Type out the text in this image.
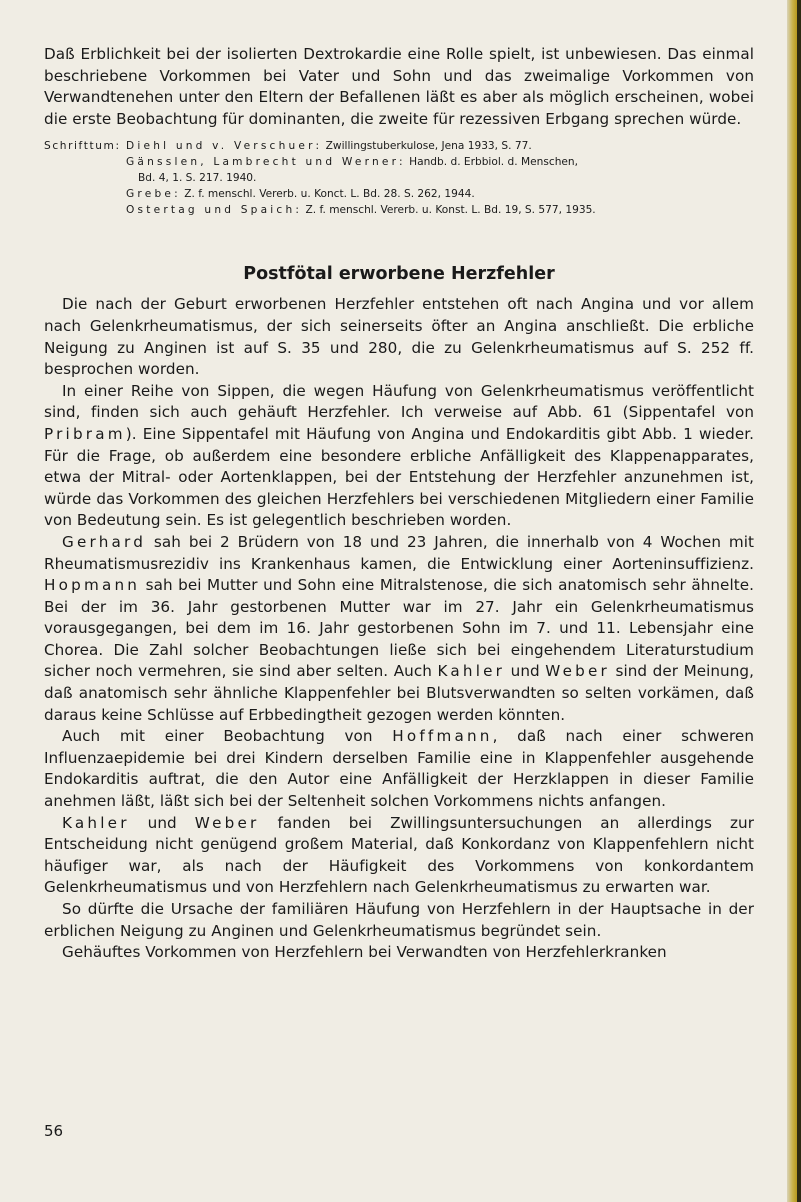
Daß Erblichkeit bei der isolierten Dextrokardie eine Rolle spielt, ist unbewiesen. Das einmal beschriebene Vorkommen bei Vater und Sohn und das zweimalige Vorkommen von Verwandtenehen unter den Eltern der Befallenen läßt es aber als möglich erscheinen, wobei die erste Beobachtung für dominanten, die zweite für rezessiven Erbgang sprechen würde.

Schrifttum: Diehl und v. Verschuer: Zwillingstuberkulose, Jena 1933, S. 77.
Gänsslen, Lambrecht und Werner: Handb. d. Erbbiol. d. Menschen,
Bd. 4, 1. S. 217. 1940.
Grebe: Z. f. menschl. Vererb. u. Konct. L. Bd. 28. S. 262, 1944.
Ostertag und Spaich: Z. f. menschl. Vererb. u. Konst. L. Bd. 19, S. 577, 1935.
Postfötal erworbene Herzfehler

Die nach der Geburt erworbenen Herzfehler entstehen oft nach Angina und vor allem nach Gelenkrheumatismus, der sich seinerseits öfter an Angina anschließt. Die erbliche Neigung zu Anginen ist auf S. 35 und 280, die zu Gelenkrheumatismus auf S. 252 ff. besprochen worden.

In einer Reihe von Sippen, die wegen Häufung von Gelenkrheumatismus veröffentlicht sind, finden sich auch gehäuft Herzfehler. Ich verweise auf Abb. 61 (Sippentafel von Pribram). Eine Sippentafel mit Häufung von Angina und Endokarditis gibt Abb. 1 wieder. Für die Frage, ob außerdem eine besondere erbliche Anfälligkeit des Klappenapparates, etwa der Mitral- oder Aortenklappen, bei der Entstehung der Herzfehler anzunehmen ist, würde das Vorkommen des gleichen Herzfehlers bei verschiedenen Mitgliedern einer Familie von Bedeutung sein. Es ist gelegentlich beschrieben worden.

Gerhard sah bei 2 Brüdern von 18 und 23 Jahren, die innerhalb von 4 Wochen mit Rheumatismusrezidiv ins Krankenhaus kamen, die Entwicklung einer Aorteninsuffizienz. Hopmann sah bei Mutter und Sohn eine Mitralstenose, die sich anatomisch sehr ähnelte. Bei der im 36. Jahr gestorbenen Mutter war im 27. Jahr ein Gelenkrheumatismus vorausgegangen, bei dem im 16. Jahr gestorbenen Sohn im 7. und 11. Lebensjahr eine Chorea. Die Zahl solcher Beobachtungen ließe sich bei eingehendem Literaturstudium sicher noch vermehren, sie sind aber selten. Auch Kahler und Weber sind der Meinung, daß anatomisch sehr ähnliche Klappenfehler bei Blutsverwandten so selten vorkämen, daß daraus keine Schlüsse auf Erbbedingtheit gezogen werden könnten.

Auch mit einer Beobachtung von Hoffmann, daß nach einer schweren Influenzaepidemie bei drei Kindern derselben Familie eine in Klappenfehler ausgehende Endokarditis auftrat, die den Autor eine Anfälligkeit der Herzklappen in dieser Familie anehmen läßt, läßt sich bei der Seltenheit solchen Vorkommens nichts anfangen.

Kahler und Weber fanden bei Zwillingsuntersuchungen an allerdings zur Entscheidung nicht genügend großem Material, daß Konkordanz von Klappenfehlern nicht häufiger war, als nach der Häufigkeit des Vorkommens von konkordantem Gelenkrheumatismus und von Herzfehlern nach Gelenkrheumatismus zu erwarten war.

So dürfte die Ursache der familiären Häufung von Herzfehlern in der Hauptsache in der erblichen Neigung zu Anginen und Gelenkrheumatismus begründet sein.

Gehäuftes Vorkommen von Herzfehlern bei Verwandten von Herzfehlerkranken

56
